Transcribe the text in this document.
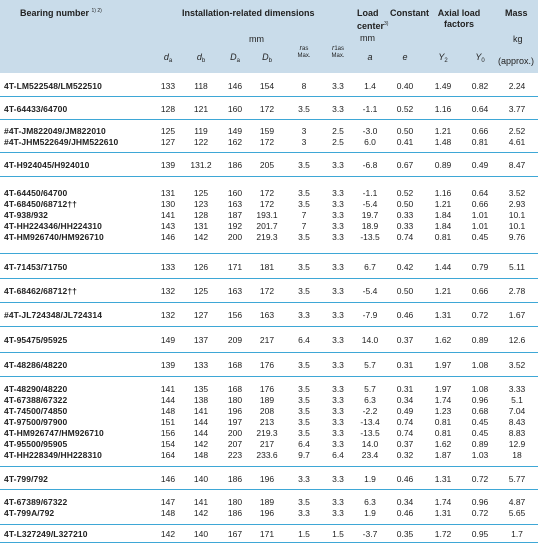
Bearing number $^{1) 2)}$	Installation-related dimensions
mm
Load center$^{3)}$
mm
Constant Axial load factors
Mass
kg
$d_a$	$d_b$	$D_a$ $D_b$
ras
Max.
r1as
Max.	a	e	$Y_2$	$Y_0$ (approx.)
4T-LM522548/LM522510	133 118 146 154	8	3.3 1.4 0.40	1.49 0.82 2.24
4T-64433/64700	128 121 160 172	3.5	3.3 -1.1 0.52	1.16 0.64 3.77
#4T-JM822049/JM822010	125 119 149 159	3	2.5 -3.0 0.50	1.21 0.66 2.52
#4T-JHM522649/JHM522610	127 122 162 172	3	2.5 6.0 0.41	1.48 0.81 4.61
4T-H924045/H924010	139 131.2 186 205	3.5	3.3 -6.8 0.67	0.89 0.49 8.47
4T-64450/64700	131 125 160 172	3.5	3.3 -1.1 0.52	1.16 0.64 3.52
4T-68450/68712††	130 123 163 172	3.5	3.3 -5.4 0.50	1.21 0.66 2.93
4T-938/932	141 128 187 193.1	7	3.3 19.7 0.33	1.84 1.01 10.1
4T-HH224346/HH224310	143 131 192 201.7	7	3.3 18.9 0.33	1.84 1.01 10.1
4T-HM926740/HM926710	146 142 200 219.3 3.5	3.3 -13.5 0.74	0.81 0.45 9.76
4T-71453/71750	133 126 171 181	3.5	3.3 6.7 0.42	1.44 0.79 5.11
4T-68462/68712††	132 125 163 172	3.5	3.3 -5.4 0.50	1.21 0.66 2.78
#4T-JL724348/JL724314	132 127 156 163	3.3	3.3 -7.9 0.46	1.31 0.72 1.67
4T-95475/95925	149 137 209 217	6.4	3.3 14.0 0.37	1.62 0.89 12.6
4T-48286/48220	139 133 168 176	3.5	3.3 5.7 0.31	1.97 1.08 3.52
4T-48290/48220	141 135 168 176	3.5	3.3 5.7 0.31	1.97 1.08 3.33
4T-67388/67322	144 138 180 189	3.5	3.3 6.3 0.34	1.74 0.96	5.1
4T-74500/74850	148 141 196 208	3.5	3.3 -2.2 0.49	1.23 0.68 7.04
4T-97500/97900	151 144 197 213	3.5	3.3 -13.4 0.74	0.81 0.45 8.43
4T-HM926747/HM926710	156 144 200 219.3 3.5	3.3 -13.5 0.74	0.81 0.45 8.83
4T-95500/95905	154 142 207 217	6.4	3.3 14.0 0.37	1.62 0.89 12.9
4T-HH228349/HH228310	164 148 223 233.6 9.7	6.4 23.4 0.32	1.87 1.03	18
4T-799/792	146 140 186 196	3.3	3.3 1.9 0.46	1.31 0.72 5.77
4T-67389/67322	147 141 180 189	3.5	3.3 6.3 0.34	1.74 0.96 4.87
4T-799A/792	148 142 186 196	3.3	3.3 1.9 0.46	1.31 0.72 5.65
4T-L327249/L327210	142 140 167 171	1.5	1.5 -3.7 0.35	1.72 0.95	1.7
